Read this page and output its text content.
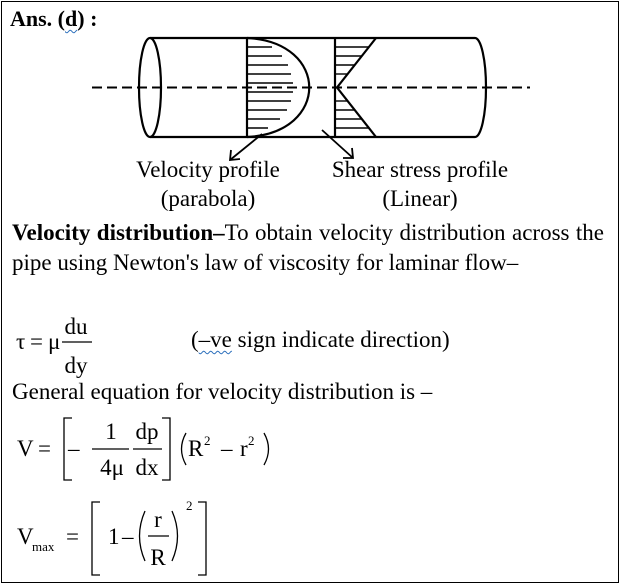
Ans. (d) :
Velocity profile
(parabola)
Shear stress profile
(Linear)
Velocity distribution–To obtain velocity distribution across the pipe using Newton's law of viscosity for laminar flow–
τ = μ
du
dy
(–ve sign indicate direction)
General equation for velocity distribution is –
V = –
1
4μ
dp
dx
R – r
2	2
V = 1 –
r
R
max
2
